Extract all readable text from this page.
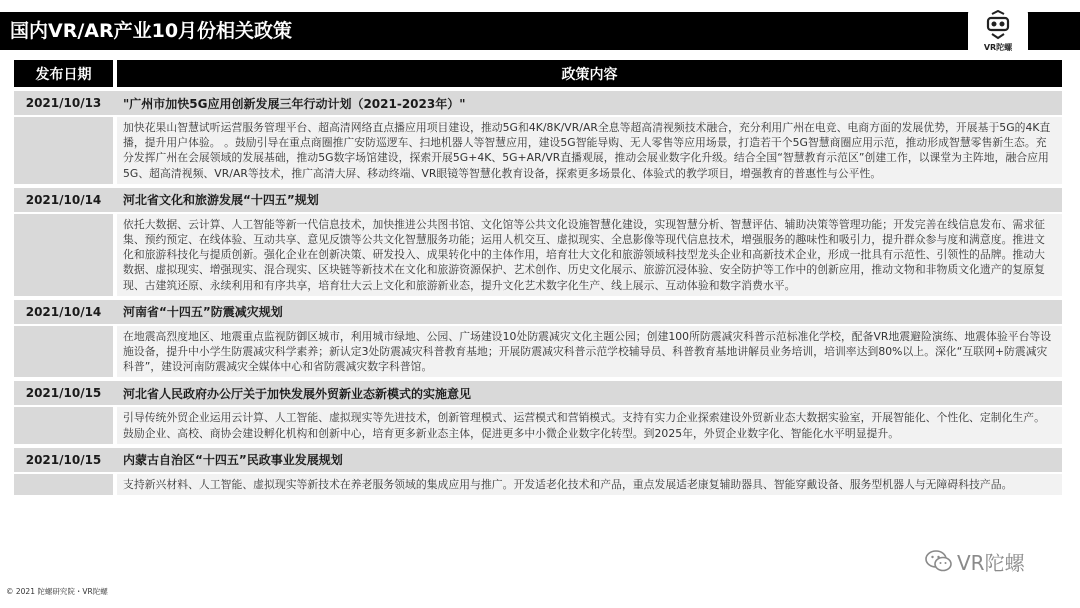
国内VR/AR产业10月份相关政策
VR陀螺
发布日期	政策内容
2021/10/13	"广州市加快5G应用创新发展三年行动计划（2021-2023年）"
加快花果山智慧试听运营服务管理平台、超高清网络直点播应用项目建设，推动5G和4K/8K/VR/AR全息等超高清视频技术融合，充分利用广州在电竞、电商方面的发展优势，开展基于5G的4K直播，提升用户体验。 。鼓励引导在重点商圈推广安防巡逻车、扫地机器人等智慧应用，建设5G智能导购、无人零售等应用场景，打造若干个5G智慧商圈应用示范，推动形成智慧零售新生态。充分发挥广州在会展领域的发展基础，推动5G数字场馆建设，探索开展5G+4K、5G+AR/VR直播观展，推动会展业数字化升级。结合全国“智慧教育示范区”创建工作，以课堂为主阵地，融合应用5G、超高清视频、VR/AR等技术，推广高清大屏、移动终端、VR眼镜等智慧化教育设备，探索更多场景化、体验式的教学项目，增强教育的普惠性与公平性。
2021/10/14	河北省文化和旅游发展“十四五”规划
依托大数据、云计算、人工智能等新一代信息技术，加快推进公共图书馆、文化馆等公共文化设施智慧化建设，实现智慧分析、智慧评估、辅助决策等管理功能；开发完善在线信息发布、需求征集、预约预定、在线体验、互动共享、意见反馈等公共文化智慧服务功能；运用人机交互、虚拟现实、全息影像等现代信息技术，增强服务的趣味性和吸引力，提升群众参与度和满意度。推进文化和旅游科技化与提质创新。强化企业在创新决策、研发投入、成果转化中的主体作用，培育壮大文化和旅游领域科技型龙头企业和高新技术企业，形成一批具有示范性、引领性的品牌。推动大数据、虚拟现实、增强现实、混合现实、区块链等新技术在文化和旅游资源保护、艺术创作、历史文化展示、旅游沉浸体验、安全防护等工作中的创新应用，推动文物和非物质文化遗产的复原复现、古建筑还原、永续利用和有序共享，培育壮大云上文化和旅游新业态，提升文化艺术数字化生产、线上展示、互动体验和数字消费水平。
2021/10/14	河南省“十四五”防震减灾规划
在地震高烈度地区、地震重点监视防御区城市，利用城市绿地、公园、广场建设10处防震减灾文化主题公园；创建100所防震减灾科普示范标准化学校，配备VR地震避险演练、地震体验平台等设施设备，提升中小学生防震减灾科学素养；新认定3处防震减灾科普教育基地；开展防震减灾科普示范学校辅导员、科普教育基地讲解员业务培训，培训率达到80%以上。深化“互联网+防震减灾科普”，建设河南防震减灾全媒体中心和省防震减灾数字科普馆。
2021/10/15	河北省人民政府办公厅关于加快发展外贸新业态新模式的实施意见
引导传统外贸企业运用云计算、人工智能、虚拟现实等先进技术，创新管理模式、运营模式和营销模式。支持有实力企业探索建设外贸新业态大数据实验室，开展智能化、个性化、定制化生产。鼓励企业、高校、商协会建设孵化机构和创新中心，培育更多新业态主体，促进更多中小微企业数字化转型。到2025年，外贸企业数字化、智能化水平明显提升。
2021/10/15	内蒙古自治区“十四五”民政事业发展规划
支持新兴材料、人工智能、虚拟现实等新技术在养老服务领域的集成应用与推广。开发适老化技术和产品，重点发展适老康复辅助器具、智能穿戴设备、服务型机器人与无障碍科技产品。
© 2021 陀螺研究院・VR陀螺
VR陀螺
